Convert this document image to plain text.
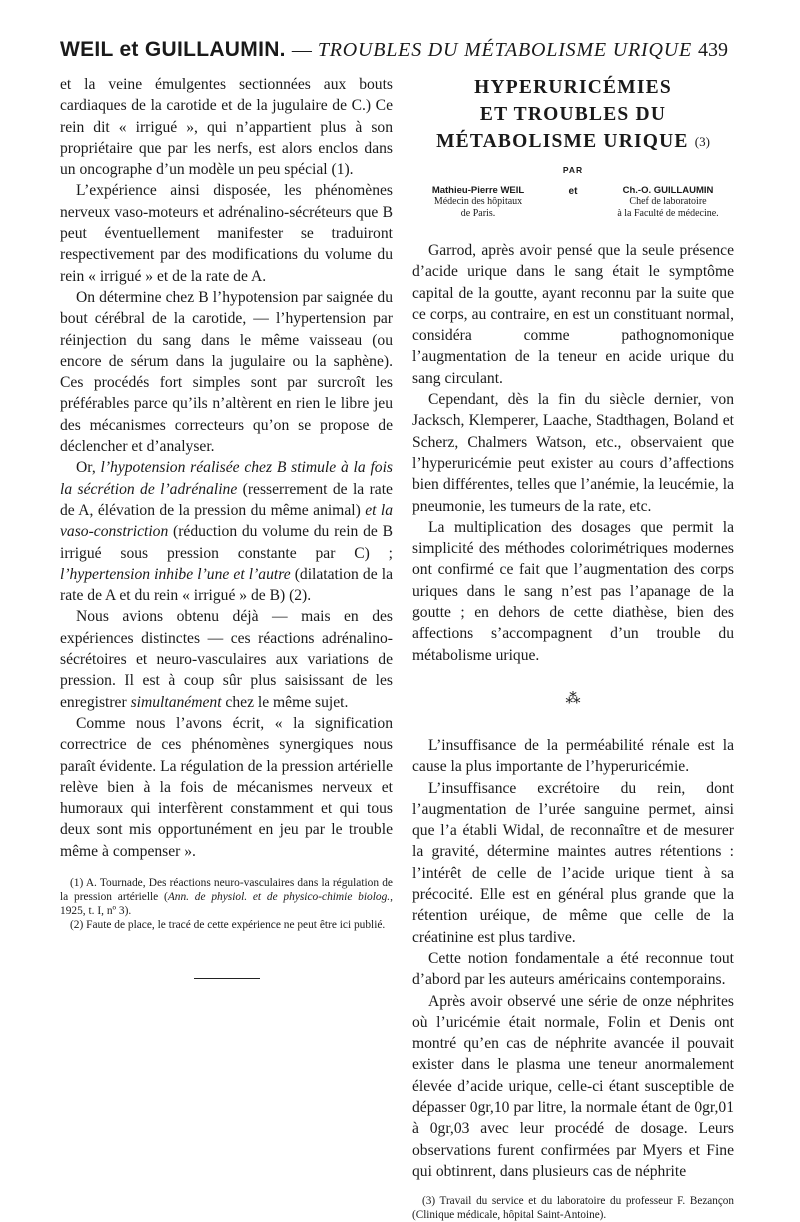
WEIL et GUILLAUMIN. — TROUBLES DU MÉTABOLISME URIQUE 439

et la veine émulgentes sectionnées aux bouts cardiaques de la carotide et de la jugulaire de C.) Ce rein dit « irrigué », qui n’appartient plus à son propriétaire que par les nerfs, est alors enclos dans un oncographe d’un modèle un peu spécial (1).

L’expérience ainsi disposée, les phénomènes nerveux vaso-moteurs et adrénalino-sécréteurs que B peut éventuellement manifester se traduiront respectivement par des modifications du volume du rein « irrigué » et de la rate de A.

On détermine chez B l’hypotension par saignée du bout cérébral de la carotide, — l’hypertension par réinjection du sang dans le même vaisseau (ou encore de sérum dans la jugulaire ou la saphène). Ces procédés fort simples sont par surcroît les préférables parce qu’ils n’altèrent en rien le libre jeu des mécanismes correcteurs qu’on se propose de déclencher et d’analyser.

Or, l’hypotension réalisée chez B stimule à la fois la sécrétion de l’adrénaline (resserrement de la rate de A, élévation de la pression du même animal) et la vaso-constriction (réduction du volume du rein de B irrigué sous pression constante par C) ; l’hypertension inhibe l’une et l’autre (dilatation de la rate de A et du rein « irrigué » de B) (2).

Nous avions obtenu déjà — mais en des expériences distinctes — ces réactions adrénalino-sécrétoires et neuro-vasculaires aux variations de pression. Il est à coup sûr plus saisissant de les enregistrer simultanément chez le même sujet.

Comme nous l’avons écrit, « la signification correctrice de ces phénomènes synergiques nous paraît évidente. La régulation de la pression artérielle relève bien à la fois de mécanismes nerveux et humoraux qui interfèrent constamment et qui tous deux sont mis opportunément en jeu par le trouble même à compenser ».

(1) A. Tournade, Des réactions neuro-vasculaires dans la régulation de la pression artérielle (Ann. de physiol. et de physico-chimie biolog., 1925, t. I, nº 3).

(2) Faute de place, le tracé de cette expérience ne peut être ici publié.

HYPERURICÉMIES

ET TROUBLES DU

MÉTABOLISME URIQUE $^{(3)}$

PAR
Mathieu-Pierre WEIL
Médecin des hôpitaux
de Paris.
et	Ch.-O. GUILLAUMIN
Chef de laboratoire
à la Faculté de médecine.

Garrod, après avoir pensé que la seule présence d’acide urique dans le sang était le symptôme capital de la goutte, ayant reconnu par la suite que ce corps, au contraire, en est un constituant normal, considéra comme pathognomonique l’augmentation de la teneur en acide urique du sang circulant.

Cependant, dès la fin du siècle dernier, von Jacksch, Klemperer, Laache, Stadthagen, Boland et Scherz, Chalmers Watson, etc., observaient que l’hyperuricémie peut exister au cours d’affections bien différentes, telles que l’anémie, la leucémie, la pneumonie, les tumeurs de la rate, etc.

La multiplication des dosages que permit la simplicité des méthodes colorimétriques modernes ont confirmé ce fait que l’augmentation des corps uriques dans le sang n’est pas l’apanage de la goutte ; en dehors de cette diathèse, bien des affections s’accompagnent d’un trouble du métabolisme urique.

⁂

L’insuffisance de la perméabilité rénale est la cause la plus importante de l’hyperuricémie.

L’insuffisance excrétoire du rein, dont l’augmentation de l’urée sanguine permet, ainsi que l’a établi Widal, de reconnaître et de mesurer la gravité, détermine maintes autres rétentions : l’intérêt de celle de l’acide urique tient à sa précocité. Elle est en général plus grande que la rétention uréique, de même que celle de la créatinine est plus tardive.

Cette notion fondamentale a été reconnue tout d’abord par les auteurs américains contemporains.

Après avoir observé une série de onze néphrites où l’uricémie était normale, Folin et Denis ont montré qu’en cas de néphrite avancée il pouvait exister dans le plasma une teneur anormalement élevée d’acide urique, celle-ci étant susceptible de dépasser 0gr,10 par litre, la normale étant de 0gr,01 à 0gr,03 avec leur procédé de dosage. Leurs observations furent confirmées par Myers et Fine qui obtinrent, dans plusieurs cas de néphrite

(3) Travail du service et du laboratoire du professeur F. Bezançon (Clinique médicale, hôpital Saint-Antoine).
